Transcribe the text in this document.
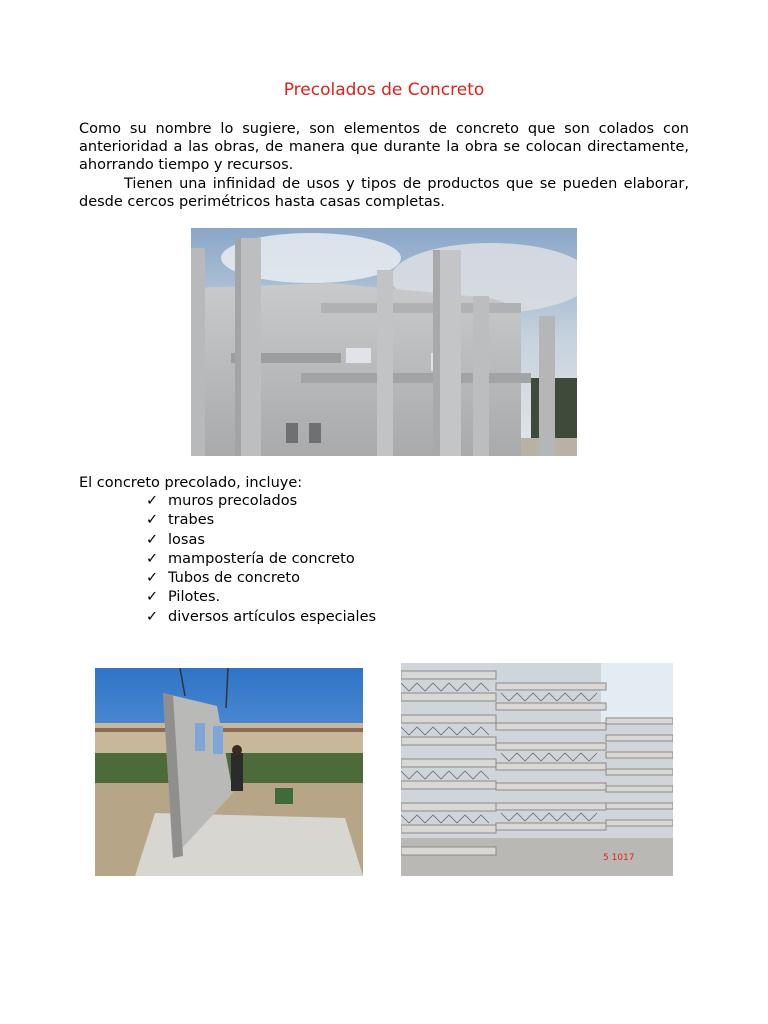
Precolados de Concreto

Como su nombre lo sugiere, son elementos de concreto que son colados con anterioridad a las obras, de manera que durante la obra se colocan directamente, ahorrando tiempo y recursos.

Tienen una infinidad de usos y tipos de productos que se pueden elaborar, desde cercos perimétricos hasta casas completas.

El concreto precolado, incluye:
✓ muros precolados
✓ trabes
✓ losas
✓ mampostería de concreto
✓ Tubos de concreto
✓ Pilotes.
✓ diversos artículos especiales
5 1017
